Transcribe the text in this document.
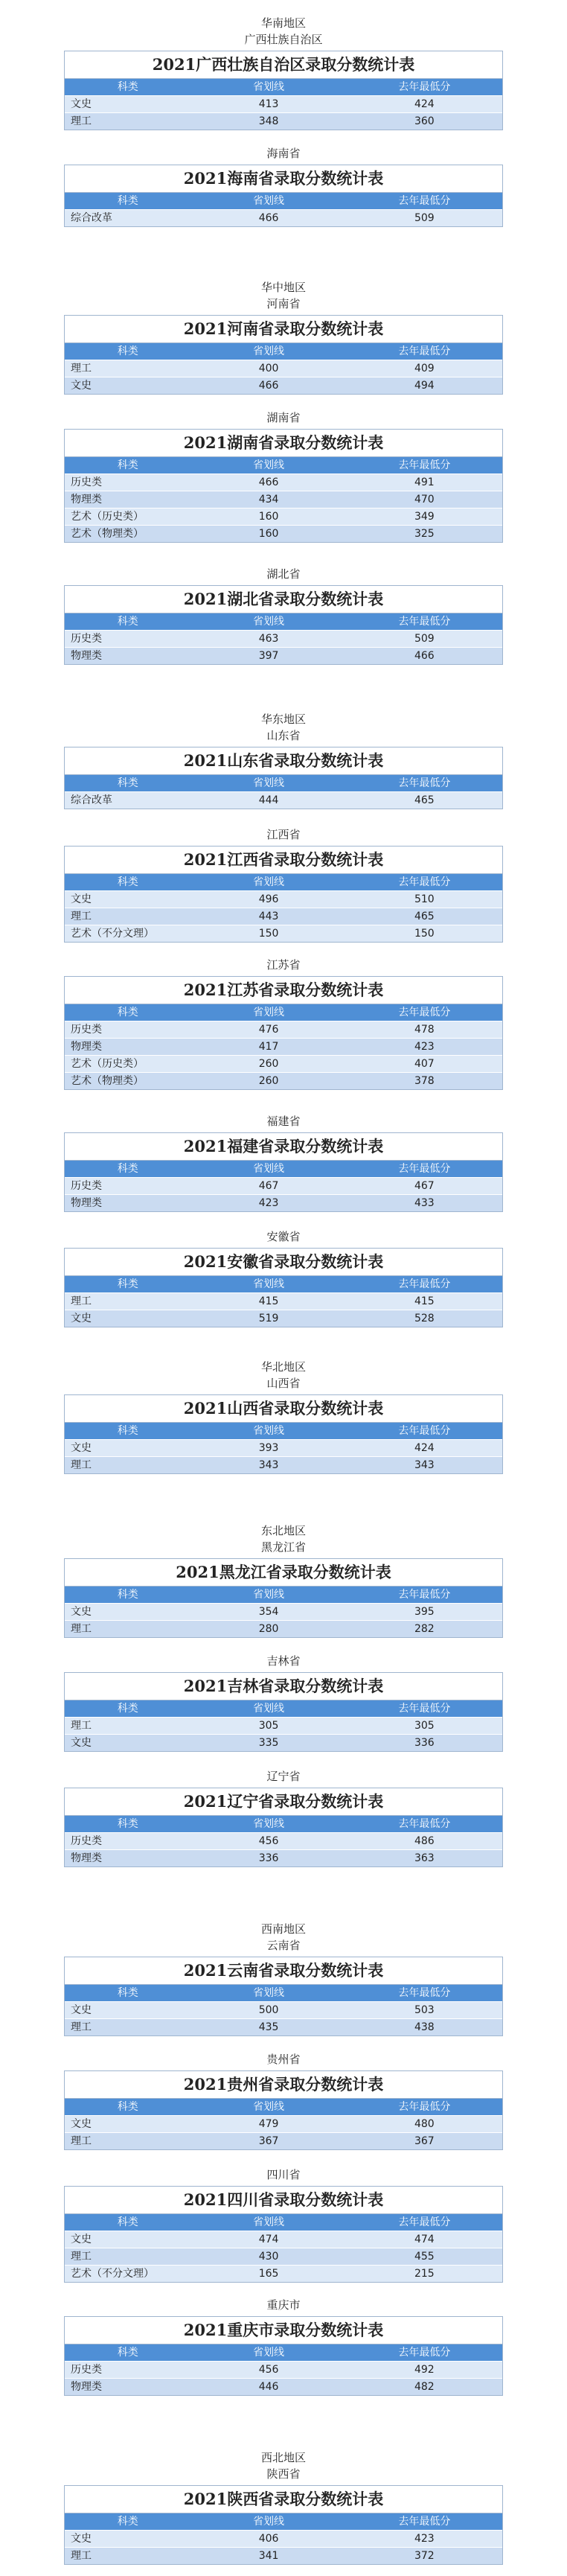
华南地区
广西壮族自治区
2021广西壮族自治区录取分数统计表
科类	省划线	去年最低分
文史	413	424
理工	348	360
海南省
2021海南省录取分数统计表
科类	省划线	去年最低分
综合改革	466	509
华中地区
河南省
2021河南省录取分数统计表
科类	省划线	去年最低分
理工	400	409
文史	466	494
湖南省
2021湖南省录取分数统计表
科类	省划线	去年最低分
历史类	466	491
物理类	434	470
艺术（历史类）	160	349
艺术（物理类）	160	325
湖北省
2021湖北省录取分数统计表
科类	省划线	去年最低分
历史类	463	509
物理类	397	466
华东地区
山东省
2021山东省录取分数统计表
科类	省划线	去年最低分
综合改革	444	465
江西省
2021江西省录取分数统计表
科类	省划线	去年最低分
文史	496	510
理工	443	465
艺术（不分文理）	150	150
江苏省
2021江苏省录取分数统计表
科类	省划线	去年最低分
历史类	476	478
物理类	417	423
艺术（历史类）	260	407
艺术（物理类）	260	378
福建省
2021福建省录取分数统计表
科类	省划线	去年最低分
历史类	467	467
物理类	423	433
安徽省
2021安徽省录取分数统计表
科类	省划线	去年最低分
理工	415	415
文史	519	528
华北地区
山西省
2021山西省录取分数统计表
科类	省划线	去年最低分
文史	393	424
理工	343	343
东北地区
黑龙江省
2021黑龙江省录取分数统计表
科类	省划线	去年最低分
文史	354	395
理工	280	282
吉林省
2021吉林省录取分数统计表
科类	省划线	去年最低分
理工	305	305
文史	335	336
辽宁省
2021辽宁省录取分数统计表
科类	省划线	去年最低分
历史类	456	486
物理类	336	363
西南地区
云南省
2021云南省录取分数统计表
科类	省划线	去年最低分
文史	500	503
理工	435	438
贵州省
2021贵州省录取分数统计表
科类	省划线	去年最低分
文史	479	480
理工	367	367
四川省
2021四川省录取分数统计表
科类	省划线	去年最低分
文史	474	474
理工	430	455
艺术（不分文理）	165	215
重庆市
2021重庆市录取分数统计表
科类	省划线	去年最低分
历史类	456	492
物理类	446	482
西北地区
陕西省
2021陕西省录取分数统计表
科类	省划线	去年最低分
文史	406	423
理工	341	372
